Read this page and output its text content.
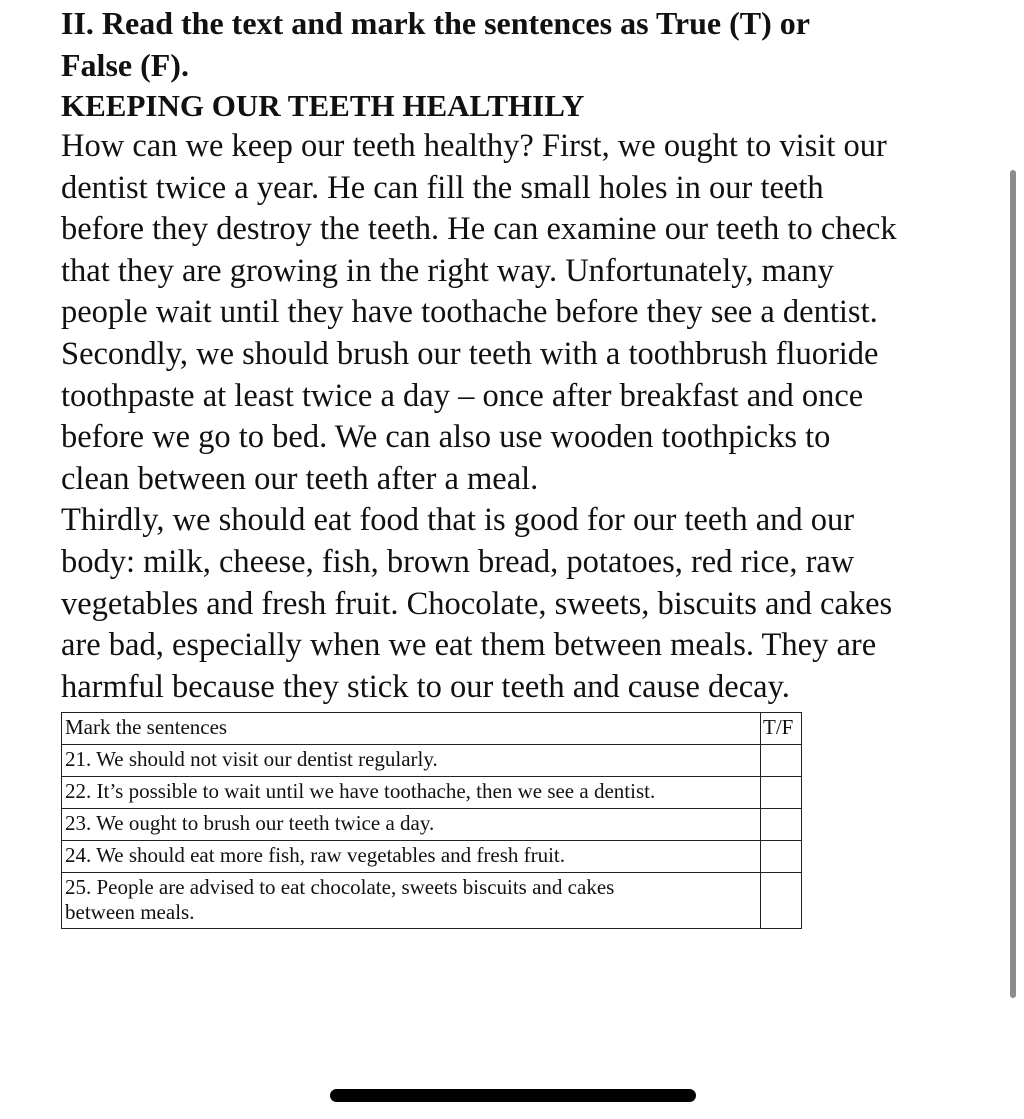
II. Read the text and mark the sentences as True (T) or

False (F).

KEEPING OUR TEETH HEALTHILY

How can we keep our teeth healthy? First, we ought to visit our

dentist twice a year. He can fill the small holes in our teeth

before they destroy the teeth. He can examine our teeth to check

that they are growing in the right way. Unfortunately, many

people wait until they have toothache before they see a dentist.

Secondly, we should brush our teeth with a toothbrush fluoride

toothpaste at least twice a day – once after breakfast and once

before we go to bed. We can also use wooden toothpicks to

clean between our teeth after a meal.

Thirdly, we should eat food that is good for our teeth and our

body: milk, cheese, fish, brown bread, potatoes, red rice, raw

vegetables and fresh fruit. Chocolate, sweets, biscuits and cakes

are bad, especially when we eat them between meals. They are

harmful because they stick to our teeth and cause decay.

Mark the sentences	T/F
21. We should not visit our dentist regularly.	
22. It’s possible to wait until we have toothache, then we see a dentist.	
23. We ought to brush our teeth twice a day.	
24. We should eat more fish, raw vegetables and fresh fruit.	
25. People are advised to eat chocolate, sweets biscuits and cakes
between meals.	
